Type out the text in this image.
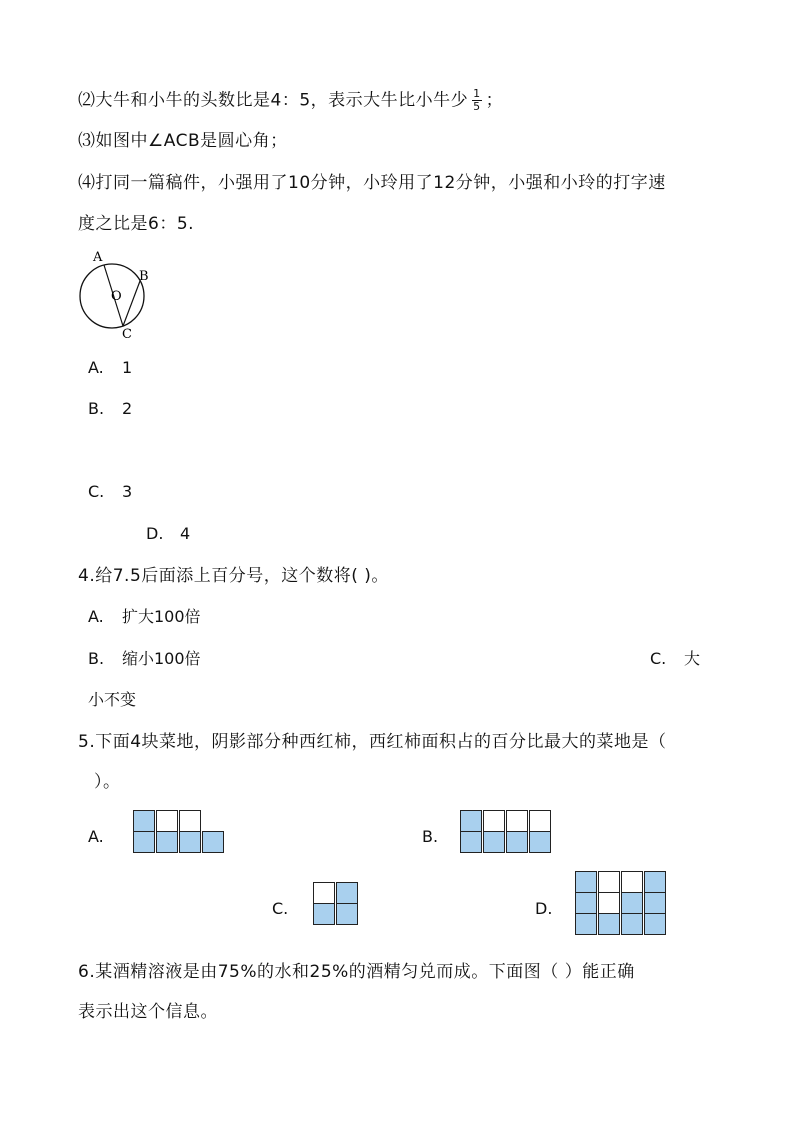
⑵大牛和小牛的头数比是4：5，表示大牛比小牛少 $\frac{1}{5}$ ；
⑶如图中∠ACB是圆心角；
⑷打同一篇稿件，小强用了10分钟，小玲用了12分钟，小强和小玲的打字速
度之比是6：5.
A
B
O
C
A. 1
B. 2
C. 3
D. 4
4.给7.5后面添上百分号，这个数将( )。
A. 扩大100倍
B. 缩小100倍	C. 大
小不变
5.下面4块菜地，阴影部分种西红柿，西红柿面积占的百分比最大的菜地是（
）。
A.	B.
C.	D.
6.某酒精溶液是由75%的水和25%的酒精匀兑而成。下面图（ ）能正确
表示出这个信息。
